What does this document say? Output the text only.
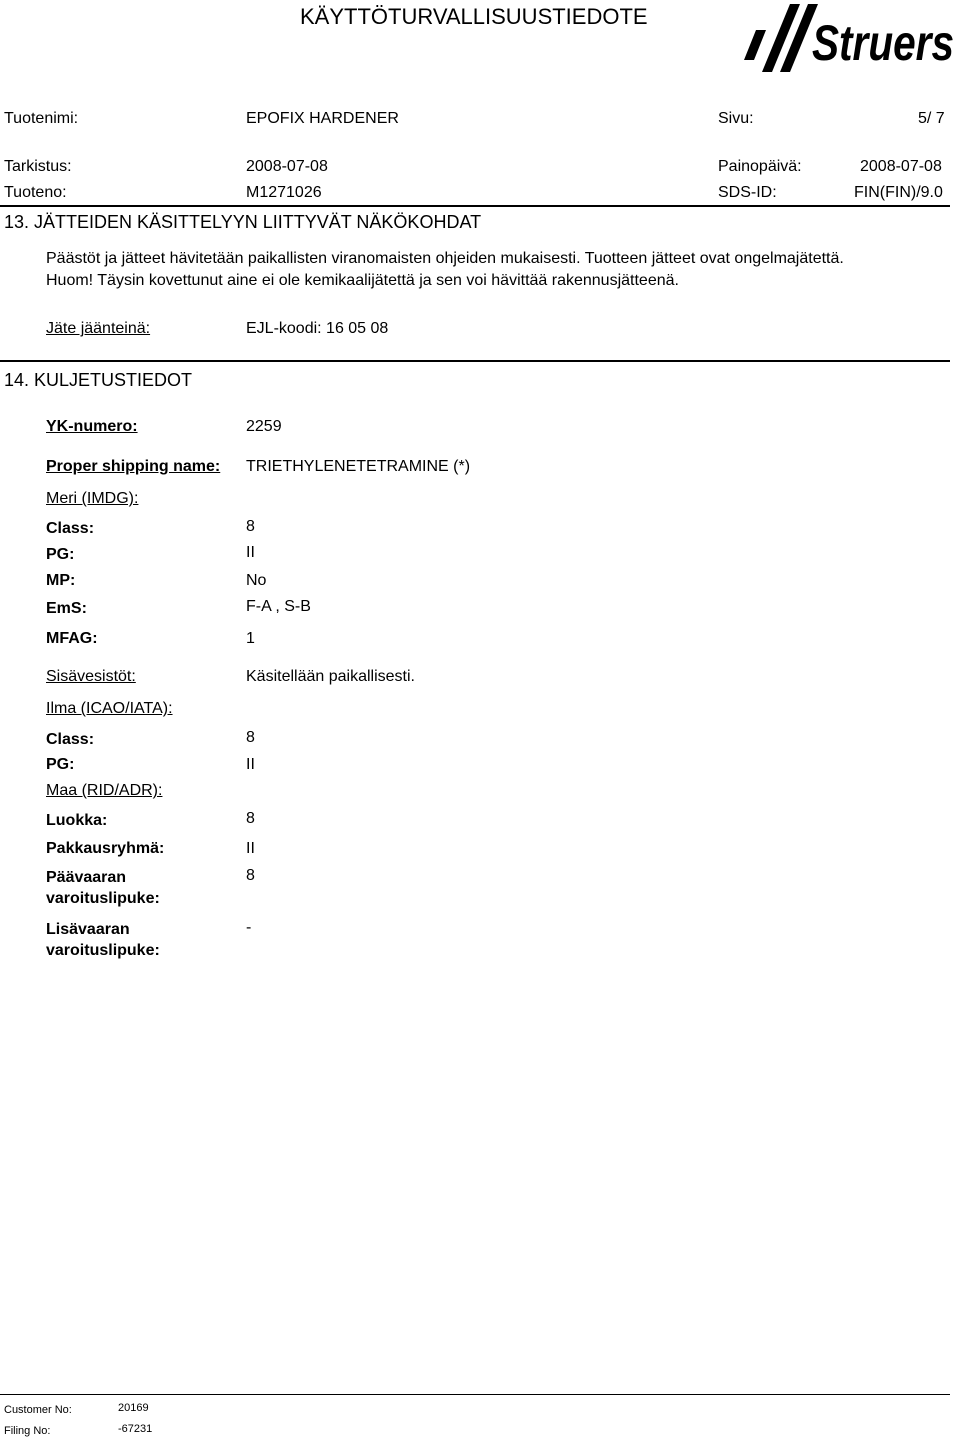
KÄYTTÖTURVALLISUUSTIEDOTE	Struers
Tuotenimi:	EPOFIX HARDENER	Sivu:	5/ 7
Tarkistus:	2008-07-08	Painopäivä:	2008-07-08
Tuoteno:	M1271026	SDS-ID:	FIN(FIN)/9.0
13. JÄTTEIDEN KÄSITTELYYN LIITTYVÄT NÄKÖKOHDAT
Päästöt ja jätteet hävitetään paikallisten viranomaisten ohjeiden mukaisesti. Tuotteen jätteet ovat ongelmajätettä.
Huom! Täysin kovettunut aine ei ole kemikaalijätettä ja sen voi hävittää rakennusjätteenä.
Jäte jäänteinä:	EJL-koodi: 16 05 08
14. KULJETUSTIEDOT
YK-numero:	2259
Proper shipping name: TRIETHYLENETETRAMINE (*)
Meri (IMDG):
Class:	8
PG:	II
MP:	No
EmS:	F-A , S-B
MFAG:	1
Sisävesistöt:	Käsitellään paikallisesti.
Ilma (ICAO/IATA):
Class:	8
PG:	II
Maa (RID/ADR):
Luokka:	8
Pakkausryhmä:	II
Päävaaran
varoituslipuke:
8
Lisävaaran
varoituslipuke:
-
Customer No:	20169
Filing No:	-67231
